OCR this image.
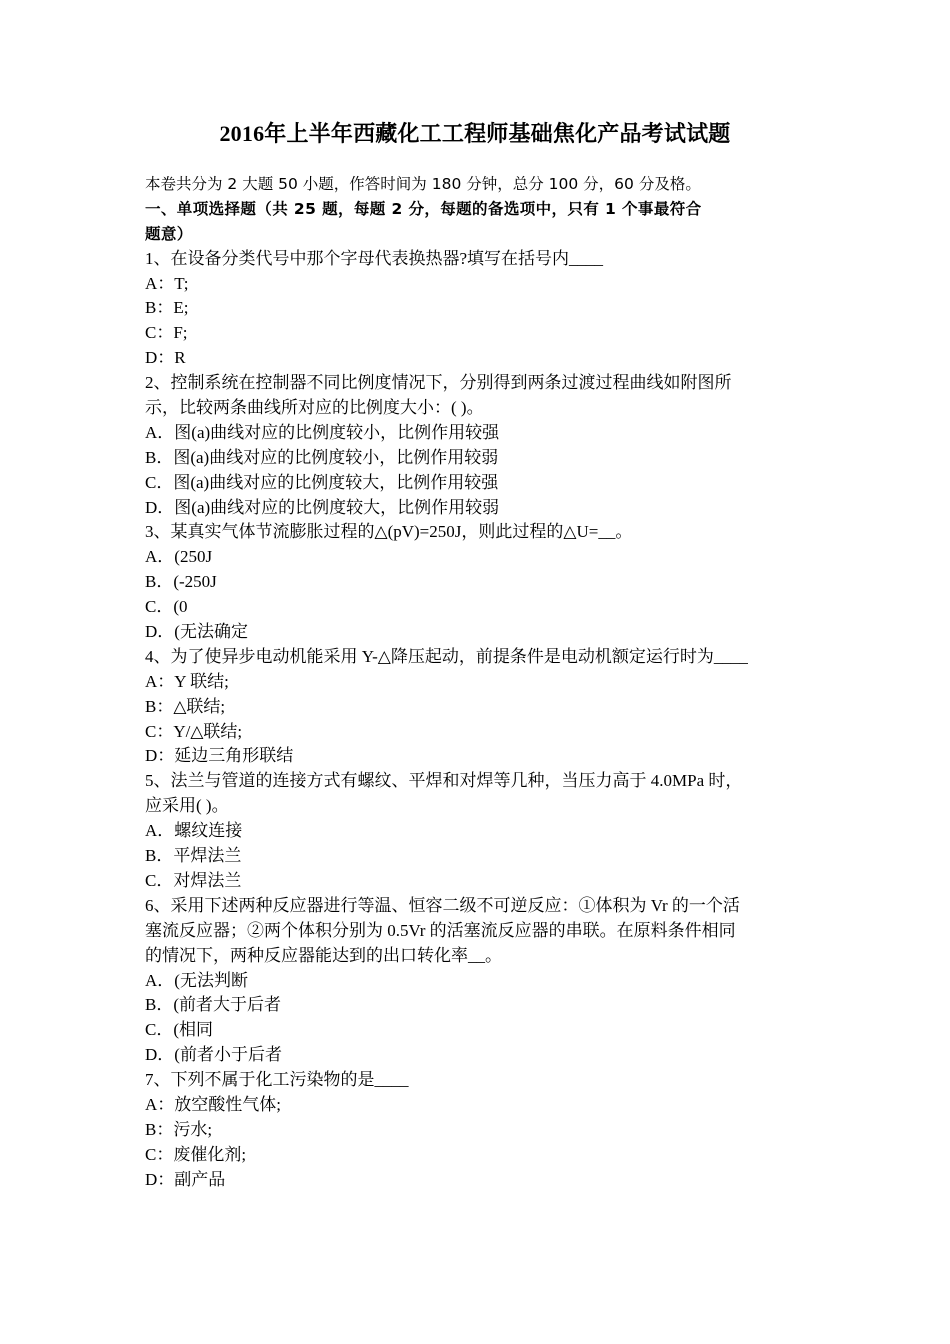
2016年上半年西藏化工工程师基础焦化产品考试试题
本卷共分为 2 大题 50 小题，作答时间为 180 分钟，总分 100 分，60 分及格。
一、单项选择题（共 25 题，每题 2 分，每题的备选项中，只有 1 个事最符合
题意）
1、在设备分类代号中那个字母代表换热器?填写在括号内____
A：T;
B：E;
C：F;
D：R
2、控制系统在控制器不同比例度情况下，分别得到两条过渡过程曲线如附图所
示，比较两条曲线所对应的比例度大小：( )。
A．图(a)曲线对应的比例度较小，比例作用较强
B．图(a)曲线对应的比例度较小，比例作用较弱
C．图(a)曲线对应的比例度较大，比例作用较强
D．图(a)曲线对应的比例度较大，比例作用较弱
3、某真实气体节流膨胀过程的△(pV)=250J，则此过程的△U=__。
A．(250J
B．(-250J
C．(0
D．(无法确定
4、为了使异步电动机能采用 Y-△降压起动，前提条件是电动机额定运行时为____
A：Y 联结;
B：△联结;
C：Y/△联结;
D：延边三角形联结
5、法兰与管道的连接方式有螺纹、平焊和对焊等几种，当压力高于 4.0MPa 时，
应采用( )。
A．螺纹连接
B．平焊法兰
C．对焊法兰
6、采用下述两种反应器进行等温、恒容二级不可逆反应：①体积为 Vr 的一个活
塞流反应器；②两个体积分别为 0.5Vr 的活塞流反应器的串联。在原料条件相同
的情况下，两种反应器能达到的出口转化率__。
A．(无法判断
B．(前者大于后者
C．(相同
D．(前者小于后者
7、下列不属于化工污染物的是____
A：放空酸性气体;
B：污水;
C：废催化剂;
D：副产品
